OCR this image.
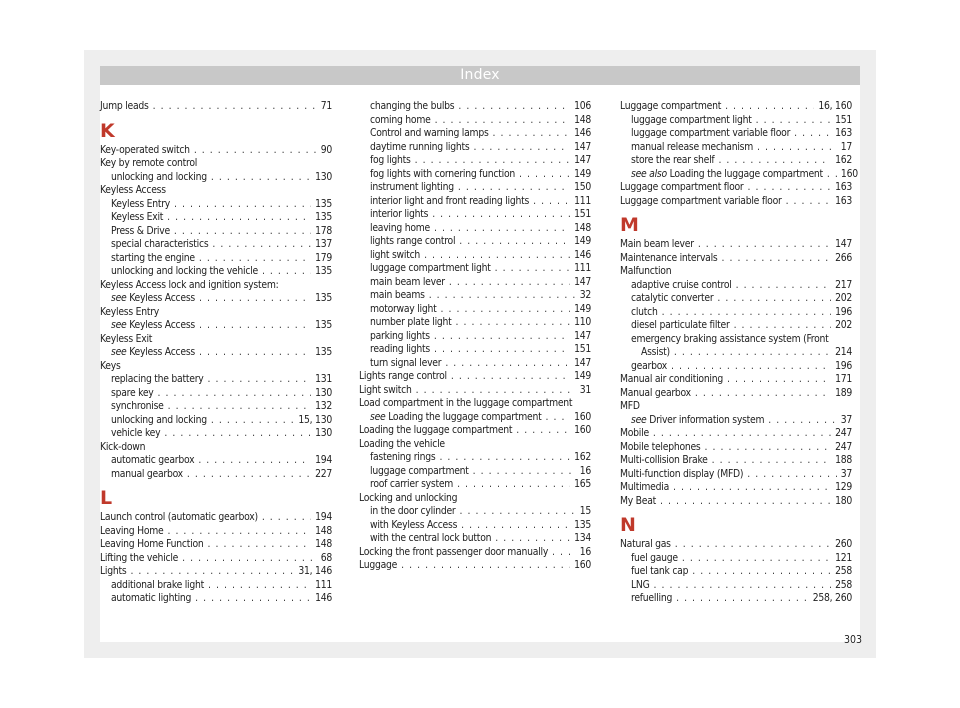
Index
Jump leads . . .	71
K
Key-operated switch . . .	90
Key by remote control
unlocking and locking . . .	130
Keyless Access
Keyless Entry . . .	135
Keyless Exit . . .	135
Press & Drive . . .	178
special characteristics . . .	137
starting the engine . . .	179
unlocking and locking the vehicle . . .	135
Keyless Access lock and ignition system:
see Keyless Access . . .	135
Keyless Entry
see Keyless Access . . .	135
Keyless Exit
see Keyless Access . . .	135
Keys
replacing the battery . . .	131
spare key . . .	130
synchronise . . .	132
unlocking and locking . . .	15, 130
vehicle key . . .	130
Kick-down
automatic gearbox . . .	194
manual gearbox . . .	227
L
Launch control (automatic gearbox) . . .	194
Leaving Home . . .	148
Leaving Home Function . . .	148
Lifting the vehicle . . .	68
Lights . . .	31, 146
additional brake light . . .	111
automatic lighting . . .	146
changing the bulbs . . .	106
coming home . . .	148
Control and warning lamps . . .	146
daytime running lights . . .	147
fog lights . . .	147
fog lights with cornering function . . .	149
instrument lighting . . .	150
interior light and front reading lights . . .	111
interior lights . . .	151
leaving home . . .	148
lights range control . . .	149
light switch . . .	146
luggage compartment light . . .	111
main beam lever . . .	147
main beams . . .	32
motorway light . . .	149
number plate light . . .	110
parking lights . . .	147
reading lights . . .	151
turn signal lever . . .	147
Lights range control . . .	149
Light switch . . .	31
Load compartment in the luggage compartment
see Loading the luggage compartment . . .	160
Loading the luggage compartment . . .	160
Loading the vehicle
fastening rings . . .	162
luggage compartment . . .	16
roof carrier system . . .	165
Locking and unlocking
in the door cylinder . . .	15
with Keyless Access . . .	135
with the central lock button . . .	134
Locking the front passenger door manually . . .	16
Luggage . . .	160
Luggage compartment . . .	16, 160
luggage compartment light . . .	151
luggage compartment variable floor . . .	163
manual release mechanism . . .	17
store the rear shelf . . .	162
see also Loading the luggage compartment . . . 160
Luggage compartment floor . . .	163
Luggage compartment variable floor . . .	163
M
Main beam lever . . .	147
Maintenance intervals . . .	266
Malfunction
adaptive cruise control . . .	217
catalytic converter . . .	202
clutch . . .	196
diesel particulate filter . . .	202
emergency braking assistance system (Front
Assist) . . .	214
gearbox . . .	196
Manual air conditioning . . .	171
Manual gearbox . . .	189
MFD
see Driver information system . . .	37
Mobile . . .	247
Mobile telephones . . .	247
Multi-collision Brake . . .	188
Multi-function display (MFD) . . .	37
Multimedia . . .	129
My Beat . . .	180
N
Natural gas . . .	260
fuel gauge . . .	121
fuel tank cap . . .	258
LNG . . .	258
refuelling . . .	258, 260
303
